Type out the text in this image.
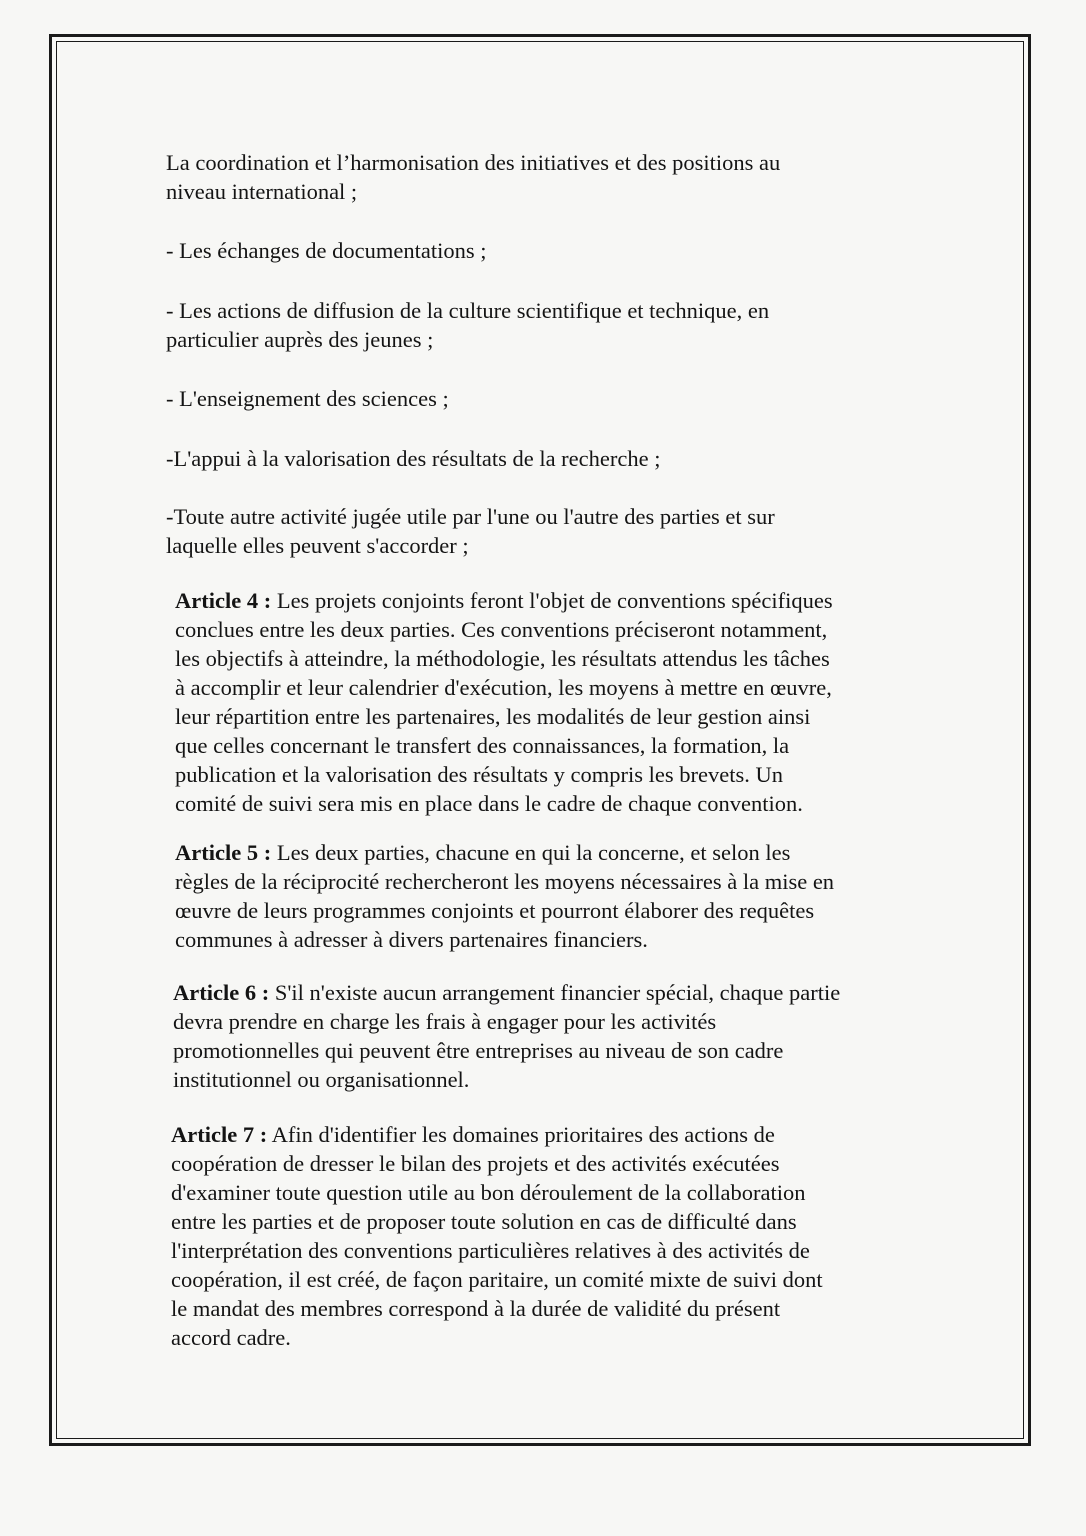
La coordination et l’harmonisation des initiatives et des positions au
niveau international ;
- Les échanges de documentations ;
- Les actions de diffusion de la culture scientifique et technique, en
particulier auprès des jeunes ;
- L'enseignement des sciences ;
-L'appui à la valorisation des résultats de la recherche ;
-Toute autre activité jugée utile par l'une ou l'autre des parties et sur
laquelle elles peuvent s'accorder ;
Article 4 : Les projets conjoints feront l'objet de conventions spécifiques
conclues entre les deux parties. Ces conventions préciseront notamment,
les objectifs à atteindre, la méthodologie, les résultats attendus les tâches
à accomplir et leur calendrier d'exécution, les moyens à mettre en œuvre,
leur répartition entre les partenaires, les modalités de leur gestion ainsi
que celles concernant le transfert des connaissances, la formation, la
publication et la valorisation des résultats y compris les brevets. Un
comité de suivi sera mis en place dans le cadre de chaque convention.
Article 5 : Les deux parties, chacune en qui la concerne, et selon les
règles de la réciprocité rechercheront les moyens nécessaires à la mise en
œuvre de leurs programmes conjoints et pourront élaborer des requêtes
communes à adresser à divers partenaires financiers.
Article 6 : S'il n'existe aucun arrangement financier spécial, chaque partie
devra prendre en charge les frais à engager pour les activités
promotionnelles qui peuvent être entreprises au niveau de son cadre
institutionnel ou organisationnel.
Article 7 : Afin d'identifier les domaines prioritaires des actions de
coopération de dresser le bilan des projets et des activités exécutées
d'examiner toute question utile au bon déroulement de la collaboration
entre les parties et de proposer toute solution en cas de difficulté dans
l'interprétation des conventions particulières relatives à des activités de
coopération, il est créé, de façon paritaire, un comité mixte de suivi dont
le mandat des membres correspond à la durée de validité du présent
accord cadre.
